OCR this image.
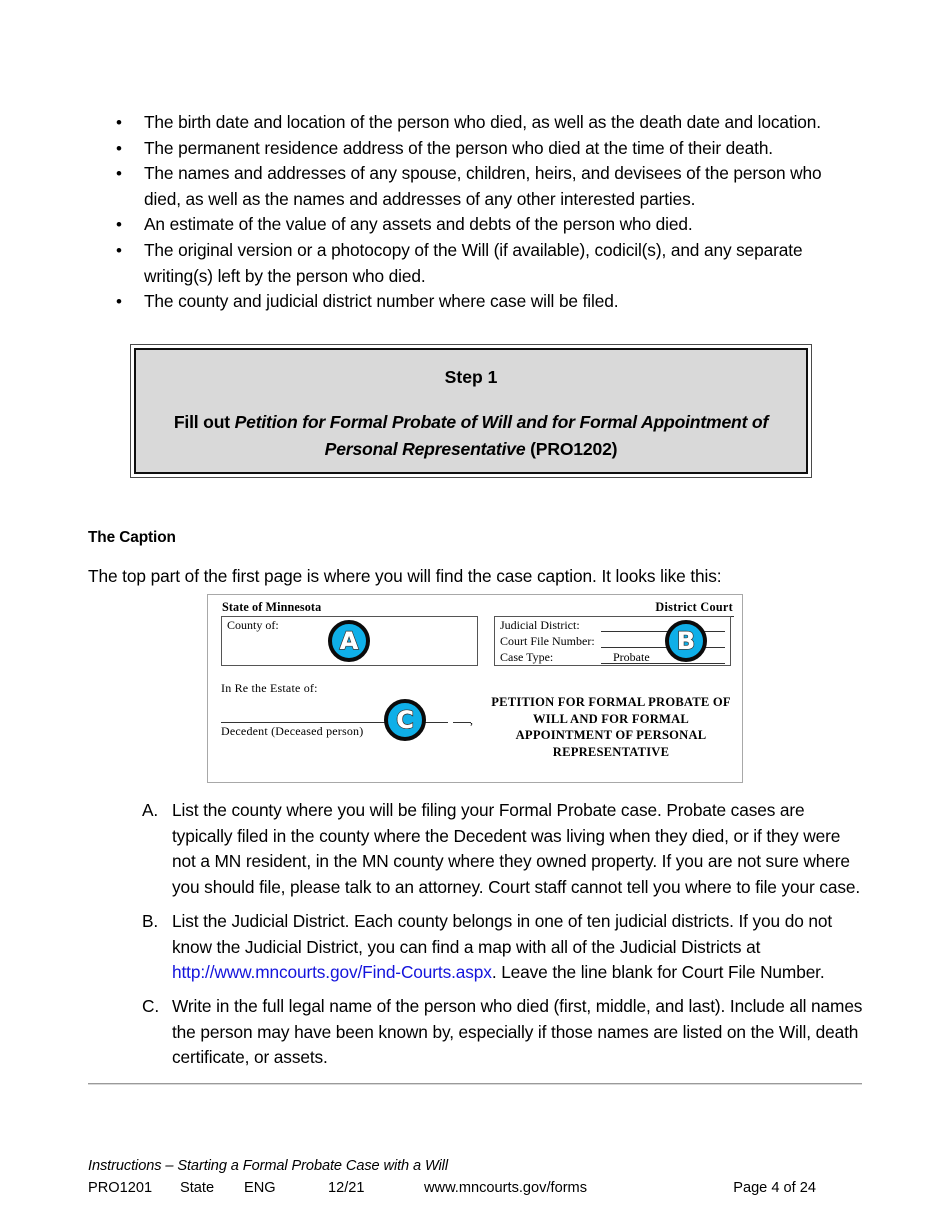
• The birth date and location of the person who died, as well as the death date and location.
• The permanent residence address of the person who died at the time of their death.
• The names and addresses of any spouse, children, heirs, and devisees of the person who died, as well as the names and addresses of any other interested parties.
• An estimate of the value of any assets and debts of the person who died.
• The original version or a photocopy of the Will (if available), codicil(s), and any separate writing(s) left by the person who died.
• The county and judicial district number where case will be filed.
Step 1
Fill out Petition for Formal Probate of Will and for Formal Appointment of Personal Representative (PRO1202)
The Caption
The top part of the first page is where you will find the case caption. It looks like this:
State of Minnesota	District Court
County of:	Judicial District:
Court File Number:
Case Type:	Probate
In Re the Estate of:
,
Decedent (Deceased person)
PETITION FOR FORMAL PROBATE OF WILL AND FOR FORMAL APPOINTMENT OF PERSONAL REPRESENTATIVE
A	B
C
A. List the county where you will be filing your Formal Probate case. Probate cases are typically filed in the county where the Decedent was living when they died, or if they were not a MN resident, in the MN county where they owned property. If you are not sure where you should file, please talk to an attorney. Court staff cannot tell you where to file your case.
B. List the Judicial District. Each county belongs in one of ten judicial districts. If you do not know the Judicial District, you can find a map with all of the Judicial Districts at http://www.mncourts.gov/Find-Courts.aspx. Leave the line blank for Court File Number.
C. Write in the full legal name of the person who died (first, middle, and last). Include all names the person may have been known by, especially if those names are listed on the Will, death certificate, or assets.
Instructions – Starting a Formal Probate Case with a Will
PRO1201 State ENG	12/21	www.mncourts.gov/forms	Page 4 of 24
